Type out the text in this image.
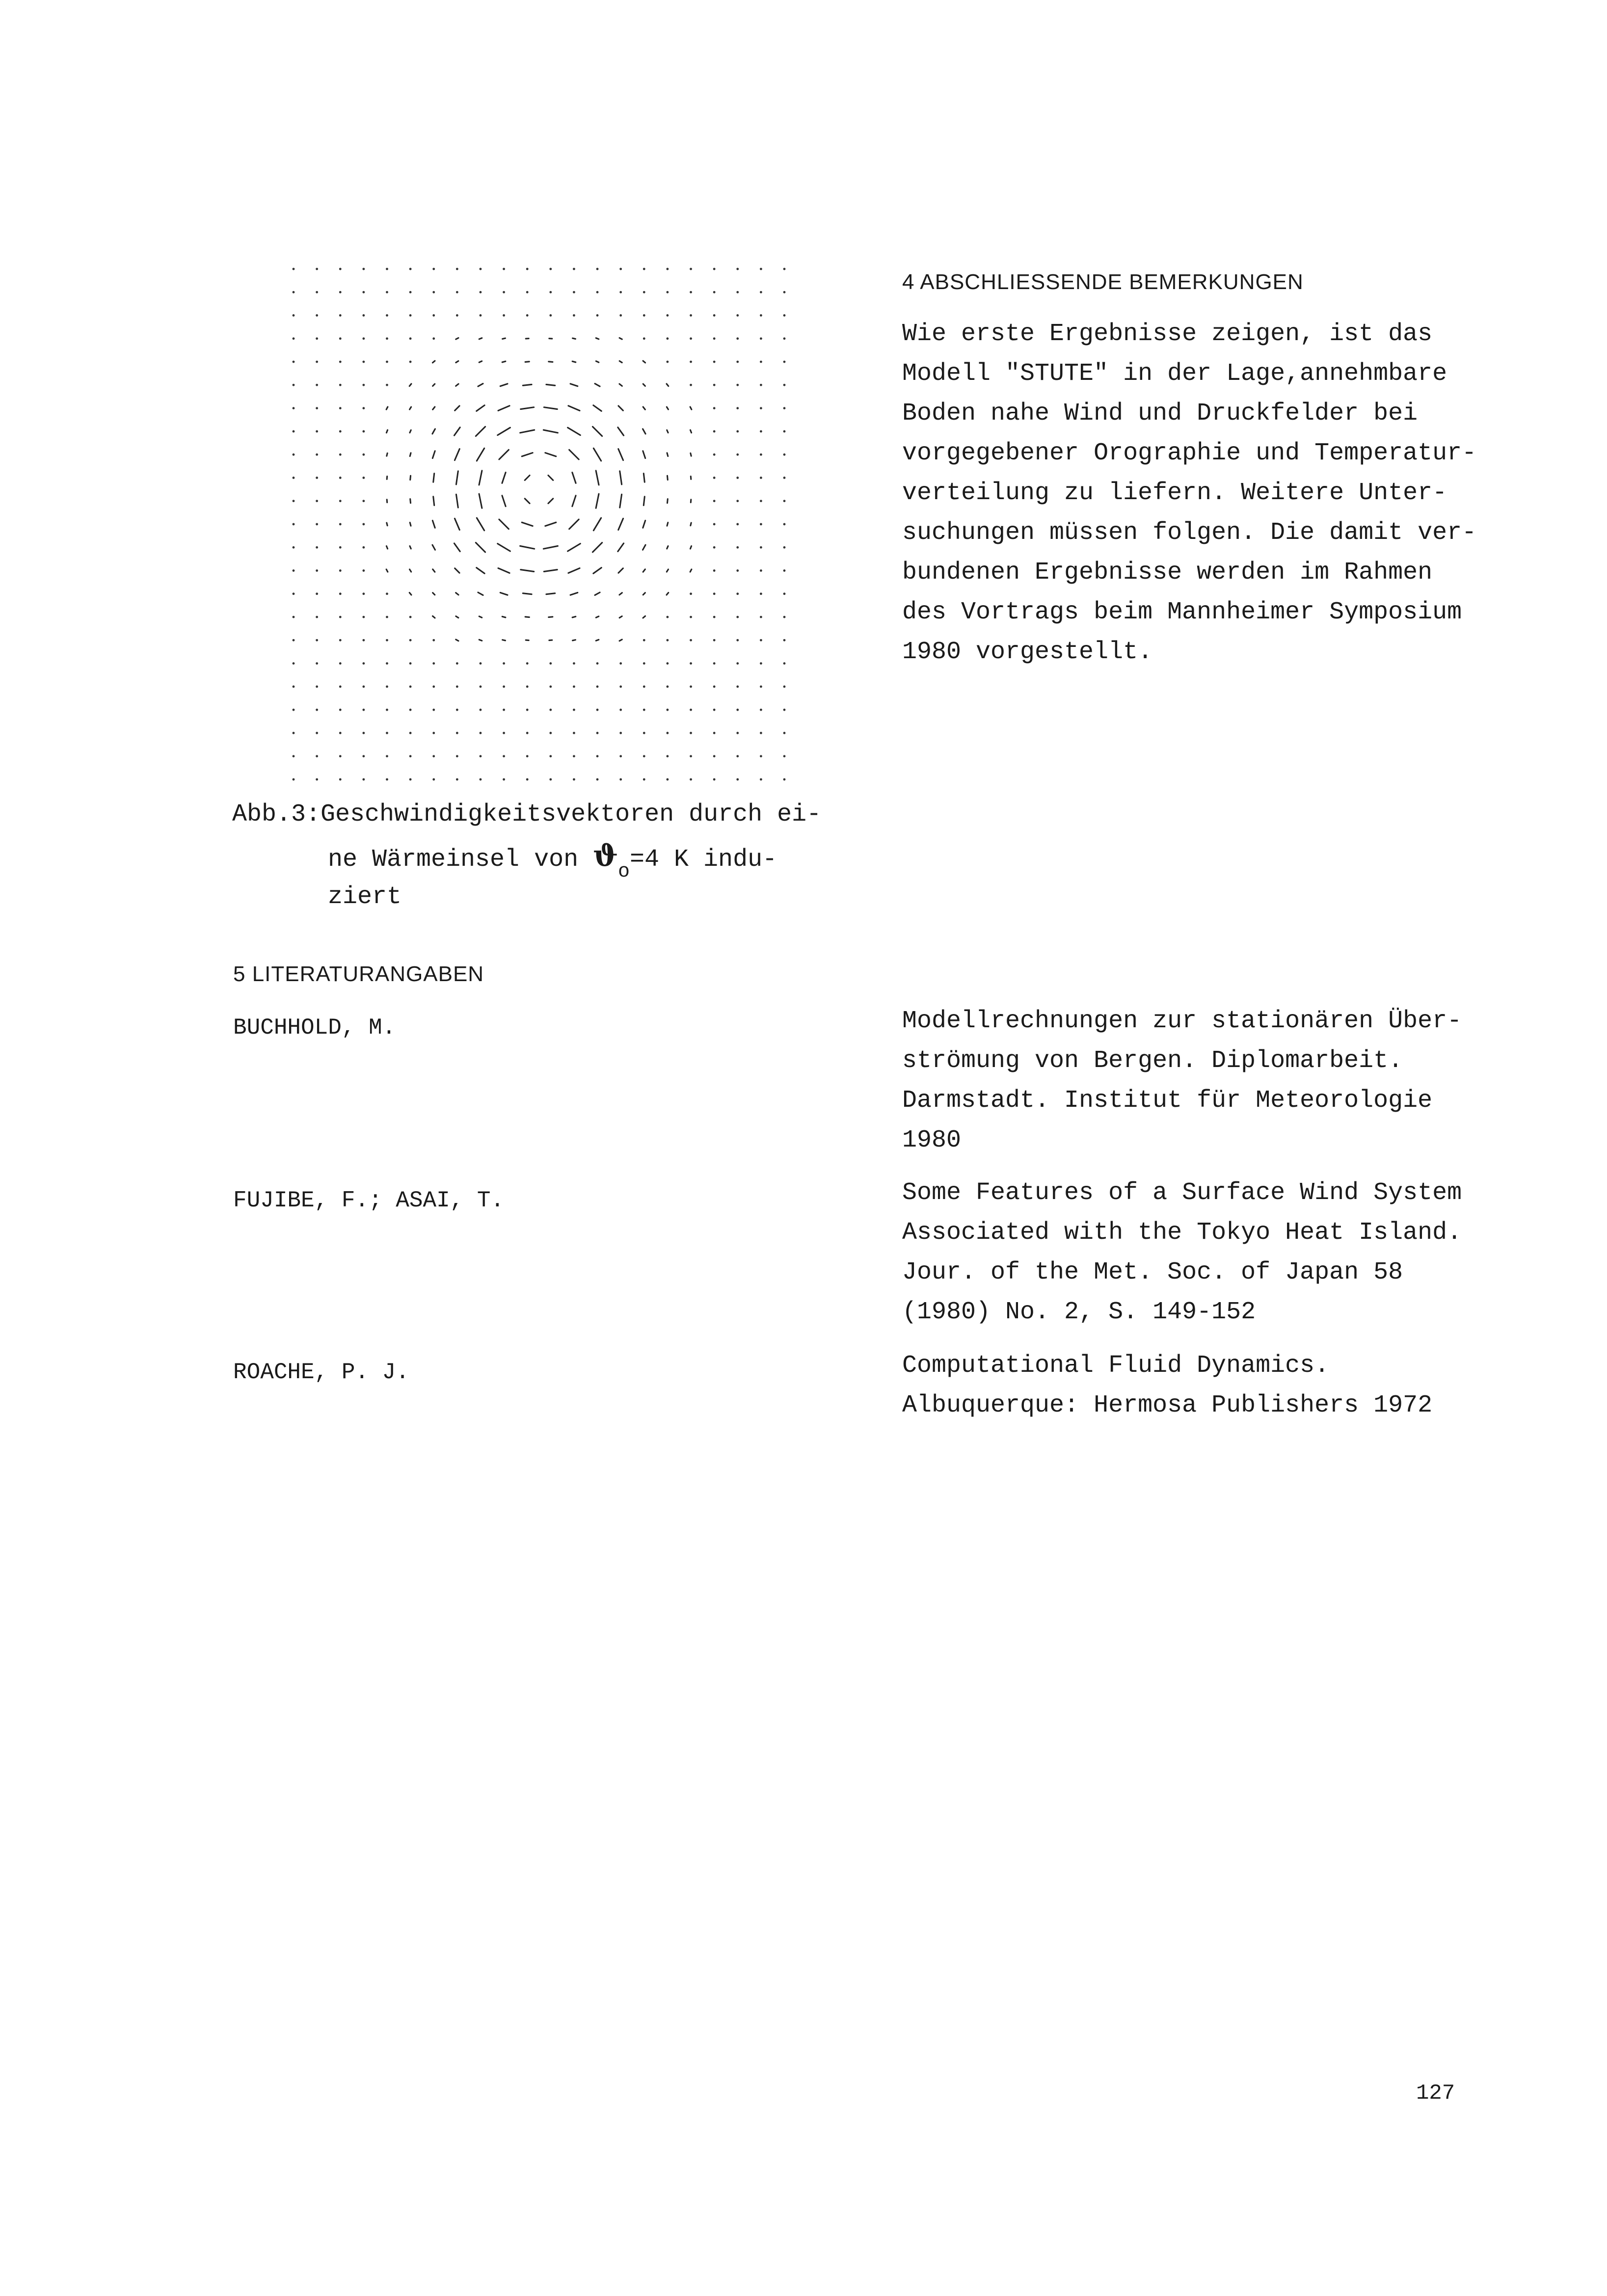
Abb.3:Geschwindigkeitsvektoren durch ei-
ne Wärmeinsel von $ϑ_o=4$ K indu-
ziert
4 ABSCHLIESSENDE BEMERKUNGEN
Wie erste Ergebnisse zeigen, ist das
Modell "STUTE" in der Lage,annehmbare
Boden nahe Wind und Druckfelder bei
vorgegebener Orographie und Temperatur-
verteilung zu liefern. Weitere Unter-
suchungen müssen folgen. Die damit ver-
bundenen Ergebnisse werden im Rahmen
des Vortrags beim Mannheimer Symposium
1980 vorgestellt.
5 LITERATURANGABEN
BUCHHOLD, M.	Modellrechnungen zur stationären Über-
strömung von Bergen. Diplomarbeit.
Darmstadt. Institut für Meteorologie
1980
FUJIBE, F.; ASAI, T.	Some Features of a Surface Wind System
Associated with the Tokyo Heat Island.
Jour. of the Met. Soc. of Japan 58
(1980) No. 2, S. 149-152
ROACHE, P. J.	Computational Fluid Dynamics.
Albuquerque: Hermosa Publishers 1972
127
